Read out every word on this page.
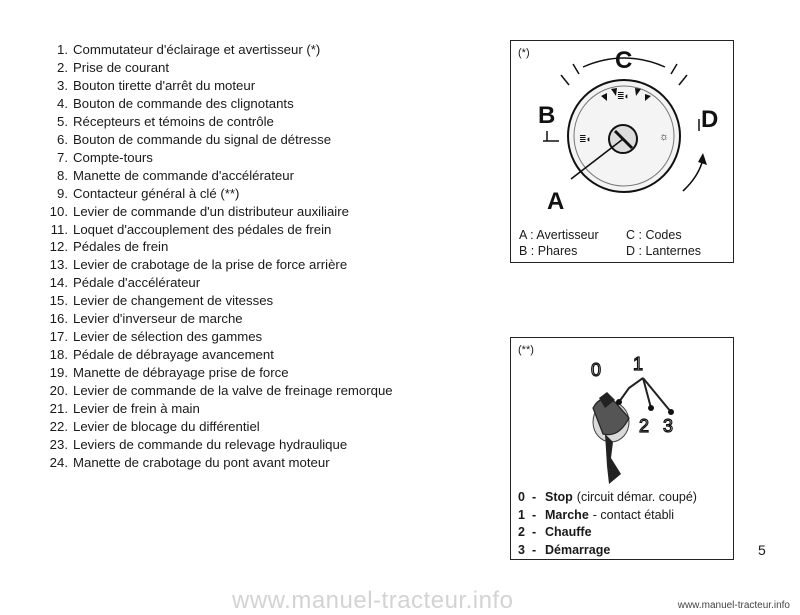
1. Commutateur d'éclairage et avertisseur (*)
2. Prise de courant
3. Bouton tirette d'arrêt du moteur
4. Bouton de commande des clignotants
5. Récepteurs et témoins de contrôle
6. Bouton de commande du signal de détresse
7. Compte-tours
8. Manette de commande d'accélérateur
9. Contacteur général à clé (**)
10. Levier de commande d'un distributeur auxiliaire
11. Loquet d'accouplement des pédales de frein
12. Pédales de frein
13. Levier de crabotage de la prise de force arrière
14. Pédale d'accélérateur
15. Levier de changement de vitesses
16. Levier d'inverseur de marche
17. Levier de sélection des gammes
18. Pédale de débrayage avancement
19. Manette de débrayage prise de force
20. Levier de commande de la valve de freinage remorque
21. Levier de frein à main
22. Levier de blocage du différentiel
23. Leviers de commande du relevage hydraulique
24. Manette de crabotage du pont avant moteur
(*)
≣◐
≣◐	☼
C
B	D
A
A : Avertisseur	C : Codes
B : Phares	D : Lanternes
(**)
0 1
2 3
0 - Stop (circuit démar. coupé)
1 - Marche - contact établi
2 - Chauffe
3 - Démarrage	5
www.manuel-tracteur.info	www.manuel-tracteur.info
